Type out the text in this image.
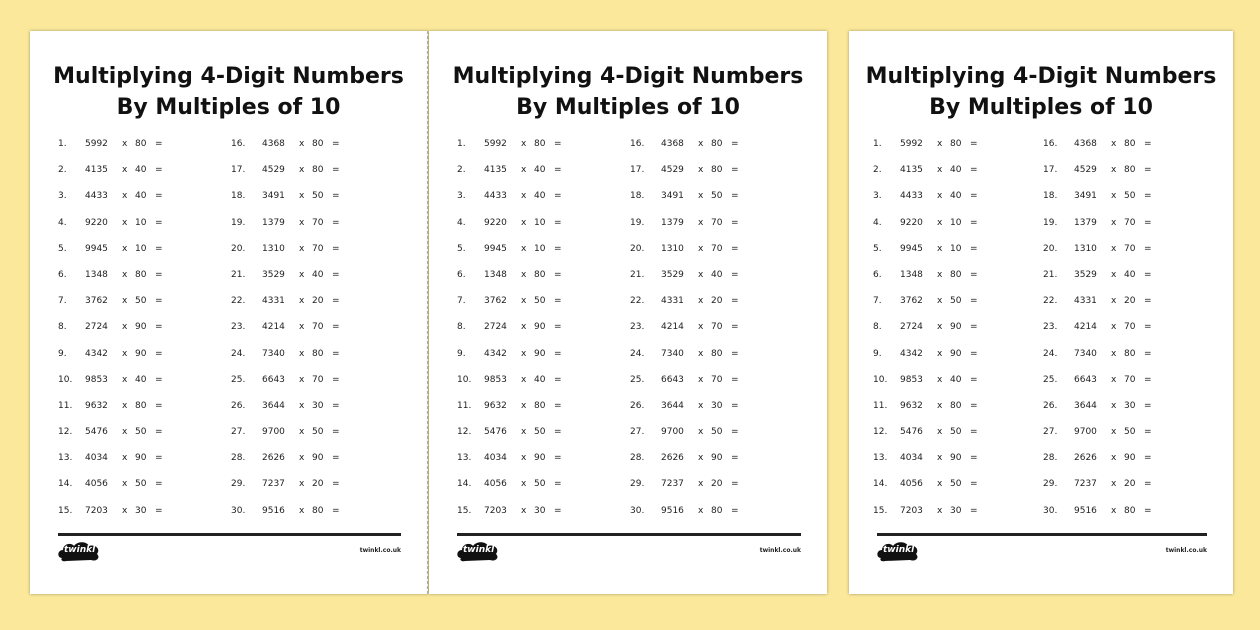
Multiplying 4-Digit Numbers
By Multiples of 10
1. 5992 x 80 =
2. 4135 x 40 =
3. 4433 x 40 =
4. 9220 x 10 =
5. 9945 x 10 =
6. 1348 x 80 =
7. 3762 x 50 =
8. 2724 x 90 =
9. 4342 x 90 =
10. 9853 x 40 =
11. 9632 x 80 =
12. 5476 x 50 =
13. 4034 x 90 =
14. 4056 x 50 =
15. 7203 x 30 =
16. 4368 x 80 =
17. 4529 x 80 =
18. 3491 x 50 =
19. 1379 x 70 =
20. 1310 x 70 =
21. 3529 x 40 =
22. 4331 x 20 =
23. 4214 x 70 =
24. 7340 x 80 =
25. 6643 x 70 =
26. 3644 x 30 =
27. 9700 x 50 =
28. 2626 x 90 =
29. 7237 x 20 =
30. 9516 x 80 =
twinkl	twinkl.co.uk
Multiplying 4-Digit Numbers
By Multiples of 10
1. 5992 x 80 =
2. 4135 x 40 =
3. 4433 x 40 =
4. 9220 x 10 =
5. 9945 x 10 =
6. 1348 x 80 =
7. 3762 x 50 =
8. 2724 x 90 =
9. 4342 x 90 =
10. 9853 x 40 =
11. 9632 x 80 =
12. 5476 x 50 =
13. 4034 x 90 =
14. 4056 x 50 =
15. 7203 x 30 =
16. 4368 x 80 =
17. 4529 x 80 =
18. 3491 x 50 =
19. 1379 x 70 =
20. 1310 x 70 =
21. 3529 x 40 =
22. 4331 x 20 =
23. 4214 x 70 =
24. 7340 x 80 =
25. 6643 x 70 =
26. 3644 x 30 =
27. 9700 x 50 =
28. 2626 x 90 =
29. 7237 x 20 =
30. 9516 x 80 =
twinkl	twinkl.co.uk
Multiplying 4-Digit Numbers
By Multiples of 10
1. 5992 x 80 =
2. 4135 x 40 =
3. 4433 x 40 =
4. 9220 x 10 =
5. 9945 x 10 =
6. 1348 x 80 =
7. 3762 x 50 =
8. 2724 x 90 =
9. 4342 x 90 =
10. 9853 x 40 =
11. 9632 x 80 =
12. 5476 x 50 =
13. 4034 x 90 =
14. 4056 x 50 =
15. 7203 x 30 =
16. 4368 x 80 =
17. 4529 x 80 =
18. 3491 x 50 =
19. 1379 x 70 =
20. 1310 x 70 =
21. 3529 x 40 =
22. 4331 x 20 =
23. 4214 x 70 =
24. 7340 x 80 =
25. 6643 x 70 =
26. 3644 x 30 =
27. 9700 x 50 =
28. 2626 x 90 =
29. 7237 x 20 =
30. 9516 x 80 =
twinkl	twinkl.co.uk
